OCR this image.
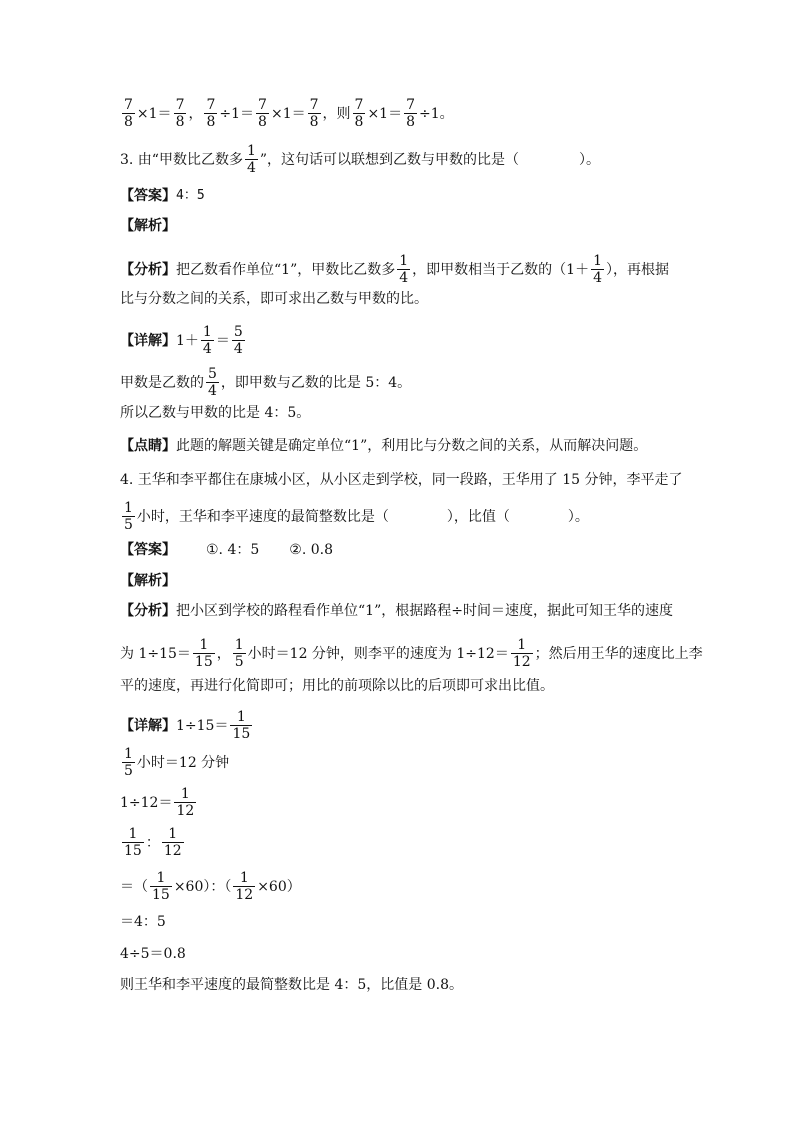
$\frac{7}{8} \times 1= \frac{7}{8}$ ， $\frac{7}{8} \div 1= \frac{7}{8} \times 1= \frac{7}{8}$ ，则 $\frac{7}{8} \times 1= \frac{7}{8} \div 1$。
3. 由“甲数比乙数多 $\frac{1}{4}$ ”，这句话可以联想到乙数与甲数的比是（	）。
【答案】 4：5
【解析】
【分析】 把乙数看作单位“1”，甲数比乙数多 $\frac{1}{4}$ ，即甲数相当于乙数的（$1+ \frac{1}{4}$ ），再根据
比与分数之间的关系，即可求出乙数与甲数的比。
【详解】 $1+ \frac{1}{4} = \frac{5}{4}$
甲数是乙数的 $\frac{5}{4}$ ，即甲数与乙数的比是 5：4。
所以乙数与甲数的比是 4：5。
【点睛】 此题的解题关键是确定单位“1”，利用比与分数之间的关系，从而解决问题。
4. 王华和李平都住在康城小区，从小区走到学校，同一段路，王华用了 15 分钟，李平走了
$\frac{1}{5}$ 小时，王华和李平速度的最简整数比是（	），比值（	）。
【答案】 ①. 4：5 ②. 0.8
【解析】
【分析】 把小区到学校的路程看作单位“1”，根据路程÷时间＝速度，据此可知王华的速度
为 $1\div 15= \frac{1}{15}$ ， $\frac{1}{5}$ 小时＝12 分钟，则李平的速度为 $1\div 12= \frac{1}{12}$ ；然后用王华的速度比上李
平的速度，再进行化简即可；用比的前项除以比的后项即可求出比值。
【详解】 $1\div 15= \frac{1}{15}$
$\frac{1}{5}$ 小时＝12 分钟
$1\div 12= \frac{1}{12}$
$\frac{1}{15}$ ： $\frac{1}{12}$
＝（ $\frac{1}{15} \times 60$）：（ $\frac{1}{12} \times 60$）
＝4：5
4÷5＝0.8
则王华和李平速度的最简整数比是 4：5，比值是 0.8。
